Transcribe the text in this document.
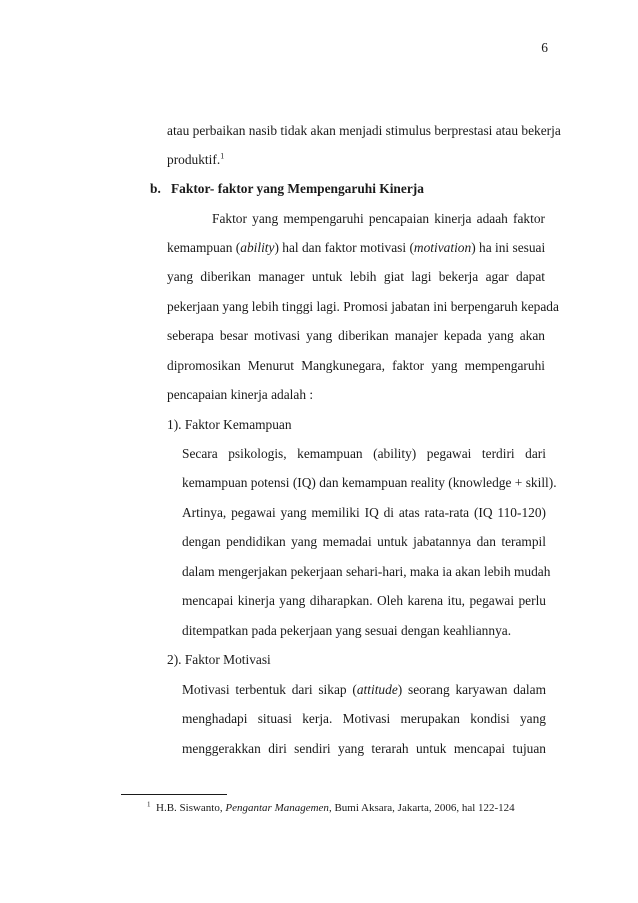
6
atau perbaikan nasib tidak akan menjadi stimulus berprestasi atau bekerja
produktif.$^1$
b. Faktor- faktor yang Mempengaruhi Kinerja
Faktor yang mempengaruhi pencapaian kinerja adaah faktor
kemampuan (ability) hal dan faktor motivasi (motivation) ha ini sesuai
yang diberikan manager untuk lebih giat lagi bekerja agar dapat
pekerjaan yang lebih tinggi lagi. Promosi jabatan ini berpengaruh kepada
seberapa besar motivasi yang diberikan manajer kepada yang akan
dipromosikan Menurut Mangkunegara, faktor yang mempengaruhi
pencapaian kinerja adalah :
1). Faktor Kemampuan
Secara psikologis, kemampuan (ability) pegawai terdiri dari
kemampuan potensi (IQ) dan kemampuan reality (knowledge + skill).
Artinya, pegawai yang memiliki IQ di atas rata-rata (IQ 110-120)
dengan pendidikan yang memadai untuk jabatannya dan terampil
dalam mengerjakan pekerjaan sehari-hari, maka ia akan lebih mudah
mencapai kinerja yang diharapkan. Oleh karena itu, pegawai perlu
ditempatkan pada pekerjaan yang sesuai dengan keahliannya.
2). Faktor Motivasi
Motivasi terbentuk dari sikap (attitude) seorang karyawan dalam
menghadapi situasi kerja. Motivasi merupakan kondisi yang
menggerakkan diri sendiri yang terarah untuk mencapai tujuan
$^1$ H.B. Siswanto, Pengantar Managemen, Bumi Aksara, Jakarta, 2006, hal 122-124
